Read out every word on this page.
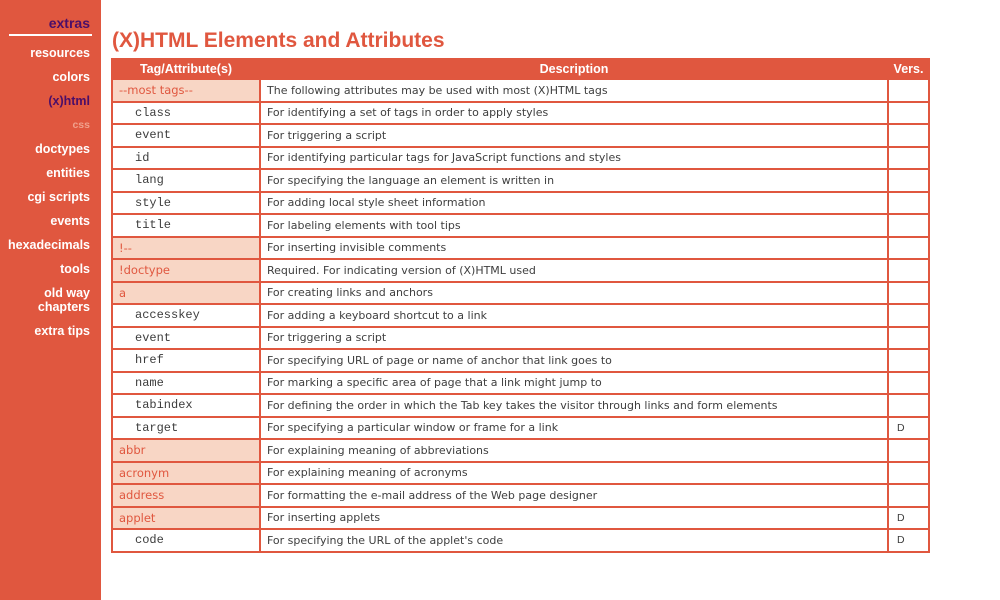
extras
resources
colors
(x)html
css
doctypes
entities
cgi scripts
events
hexadecimals
tools
old way chapters
extra tips
(X)HTML Elements and Attributes
Tag/Attribute(s)	Description	Vers.
--most tags--	The following attributes may be used with most (X)HTML tags	
class	For identifying a set of tags in order to apply styles	
event	For triggering a script	
id	For identifying particular tags for JavaScript functions and styles	
lang	For specifying the language an element is written in	
style	For adding local style sheet information	
title	For labeling elements with tool tips	
!--	For inserting invisible comments	
!doctype	Required. For indicating version of (X)HTML used	
a	For creating links and anchors	
accesskey	For adding a keyboard shortcut to a link	
event	For triggering a script	
href	For specifying URL of page or name of anchor that link goes to	
name	For marking a specific area of page that a link might jump to	
tabindex	For defining the order in which the Tab key takes the visitor through links and form elements	
target	For specifying a particular window or frame for a link	D
abbr	For explaining meaning of abbreviations	
acronym	For explaining meaning of acronyms	
address	For formatting the e-mail address of the Web page designer	
applet	For inserting applets	D
code	For specifying the URL of the applet's code	D
